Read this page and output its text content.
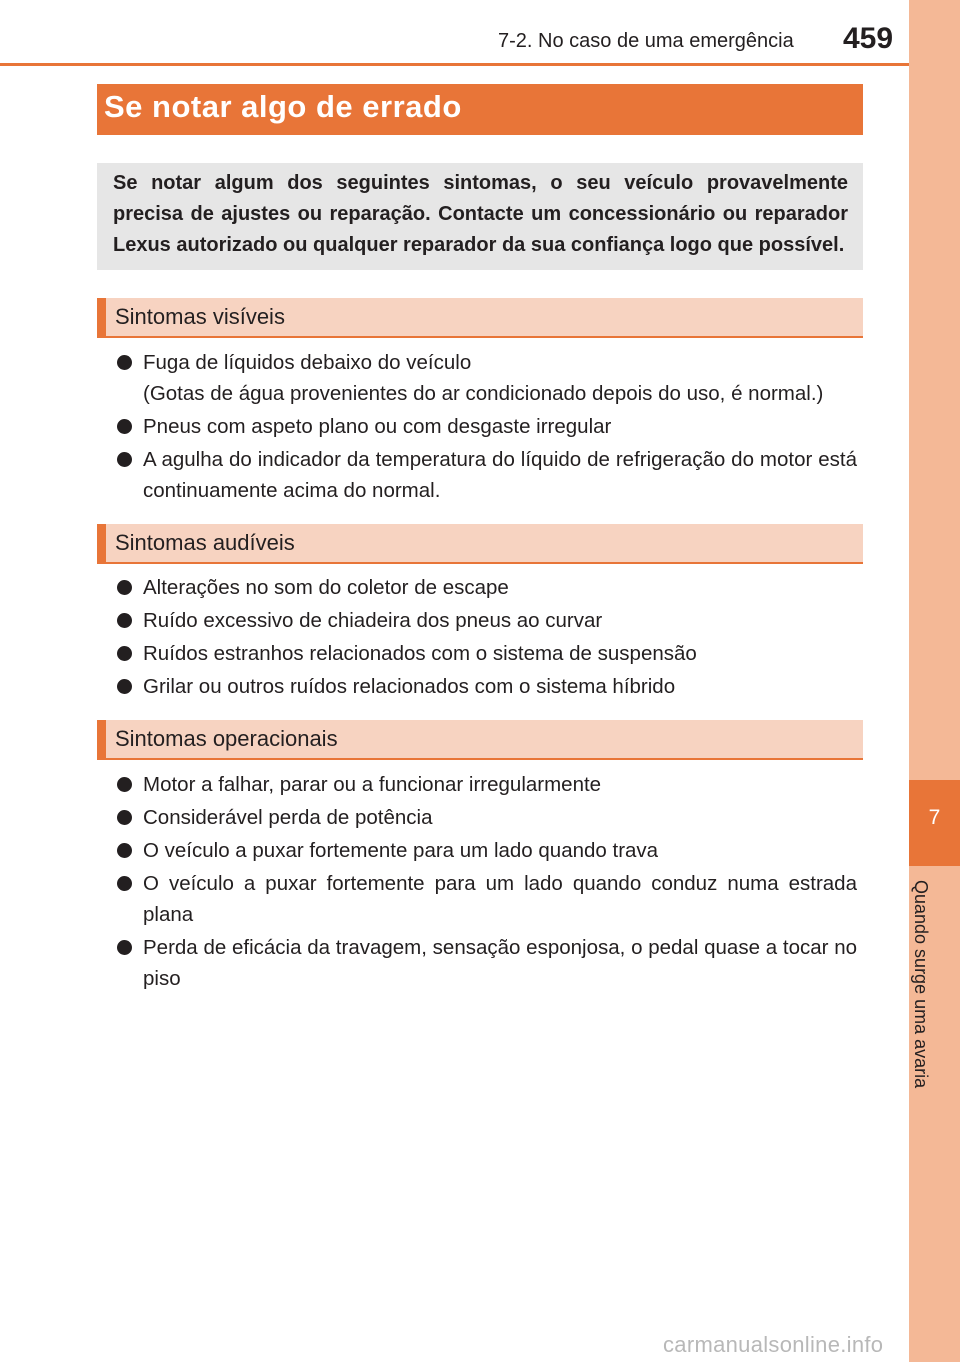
7
Quando surge uma avaria
7-2. No caso de uma emergência 459
Se notar algo de errado
Se notar algum dos seguintes sintomas, o seu veículo provavelmente precisa de ajustes ou reparação. Contacte um concessionário ou reparador Lexus autorizado ou qualquer reparador da sua confiança logo que possível.
Sintomas visíveis
Fuga de líquidos debaixo do veículo
(Gotas de água provenientes do ar condicionado depois do uso, é normal.)
Pneus com aspeto plano ou com desgaste irregular
A agulha do indicador da temperatura do líquido de refrigeração do motor está continuamente acima do normal.
Sintomas audíveis
Alterações no som do coletor de escape
Ruído excessivo de chiadeira dos pneus ao curvar
Ruídos estranhos relacionados com o sistema de suspensão
Grilar ou outros ruídos relacionados com o sistema híbrido
Sintomas operacionais
Motor a falhar, parar ou a funcionar irregularmente
Considerável perda de potência
O veículo a puxar fortemente para um lado quando trava
O veículo a puxar fortemente para um lado quando conduz numa estrada plana
Perda de eficácia da travagem, sensação esponjosa, o pedal quase a tocar no piso
carmanualsonline.info
